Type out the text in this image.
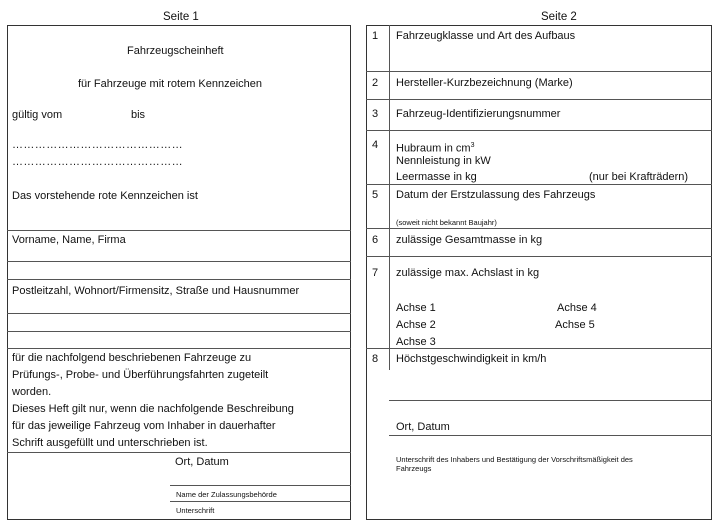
Seite 1	Seite 2
Fahrzeugscheinheft
für Fahrzeuge mit rotem Kennzeichen
gültig vom	bis
………………………………………
………………………………………
Das vorstehende rote Kennzeichen ist
Vorname, Name, Firma
Postleitzahl, Wohnort/Firmensitz, Straße und Hausnummer
für die nachfolgend beschriebenen Fahrzeuge zu
Prüfungs-, Probe- und Überführungsfahrten zugeteilt
worden.
Dieses Heft gilt nur, wenn die nachfolgende Beschreibung
für das jeweilige Fahrzeug vom Inhaber in dauerhafter
Schrift ausgefüllt und unterschrieben ist.
Ort, Datum
Name der Zulassungsbehörde
Unterschrift
1 Fahrzeugklasse und Art des Aufbaus
2 Hersteller-Kurzbezeichnung (Marke)
3 Fahrzeug-Identifizierungsnummer
4 Hubraum in $cm^3$
Nennleistung in kW
Leermasse in kg	(nur bei Krafträdern)
5 Datum der Erstzulassung des Fahrzeugs
(soweit nicht bekannt Baujahr)
6 zulässige Gesamtmasse in kg
7 zulässige max. Achslast in kg
Achse 1
Achse 2
Achse 3
Achse 4
Achse 5
8 Höchstgeschwindigkeit in km/h
Ort, Datum
Unterschrift des Inhabers und Bestätigung der Vorschriftsmäßigkeit des
Fahrzeugs
